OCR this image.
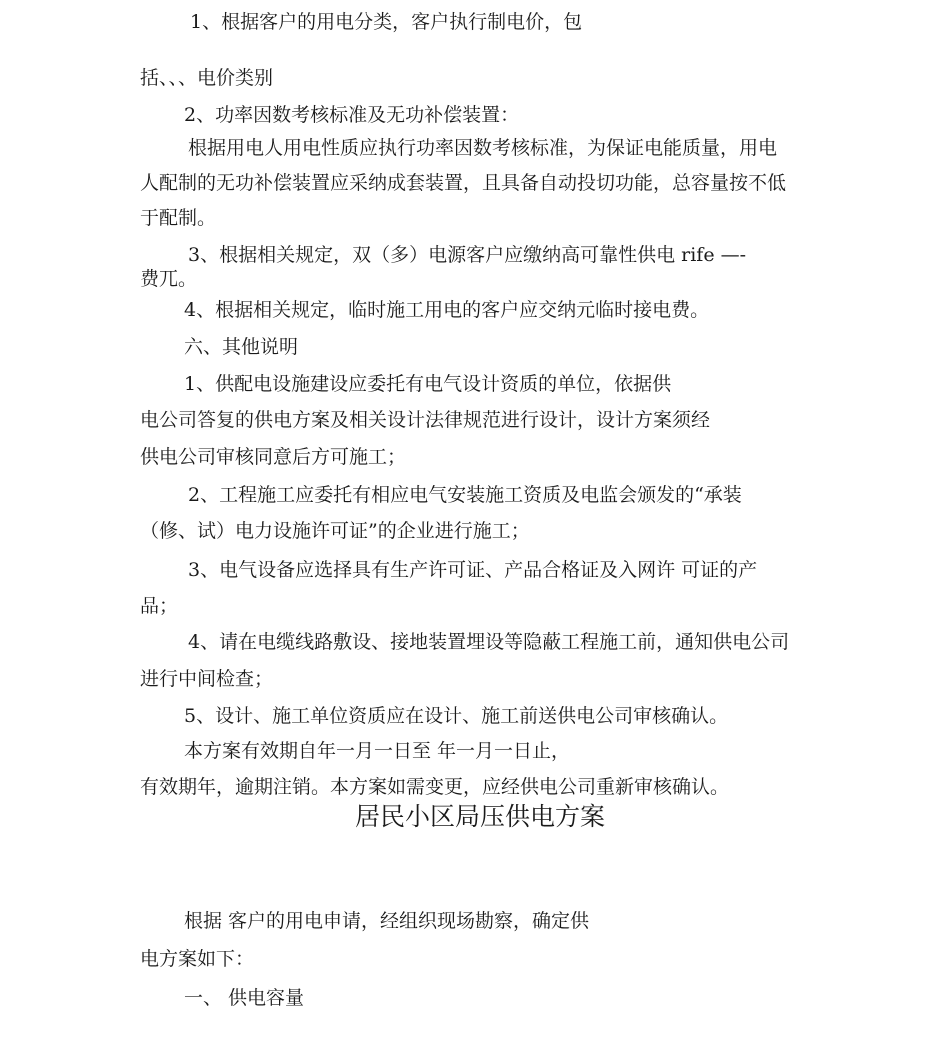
1、根据客户的用电分类，客户执行制电价，包

括、、、电价类别

2、功率因数考核标准及无功补偿装置：

根据用电人用电性质应执行功率因数考核标准，为保证电能质量，用电

人配制的无功补偿装置应采纳成套装置，且具备自动投切功能，总容量按不低

于配制。

3、根据相关规定，双（多）电源客户应缴纳高可靠性供电 rife —-

费兀。

4、根据相关规定，临时施工用电的客户应交纳元临时接电费。

六、其他说明

1、供配电设施建设应委托有电气设计资质的单位，依据供

电公司答复的供电方案及相关设计法律规范进行设计，设计方案须经

供电公司审核同意后方可施工；

2、工程施工应委托有相应电气安装施工资质及电监会颁发的“承装

（修、试）电力设施许可证”的企业进行施工；

3、电气设备应选择具有生产许可证、产品合格证及入网许 可证的产

品；

4、请在电缆线路敷设、接地装置埋设等隐蔽工程施工前，通知供电公司

进行中间检查；

5、设计、施工单位资质应在设计、施工前送供电公司审核确认。

本方案有效期自年一月一日至 年一月一日止，

有效期年，逾期注销。本方案如需变更，应经供电公司重新审核确认。

居民小区局压供电方案

根据 客户的用电申请，经组织现场勘察，确定供

电方案如下：

一、 供电容量
